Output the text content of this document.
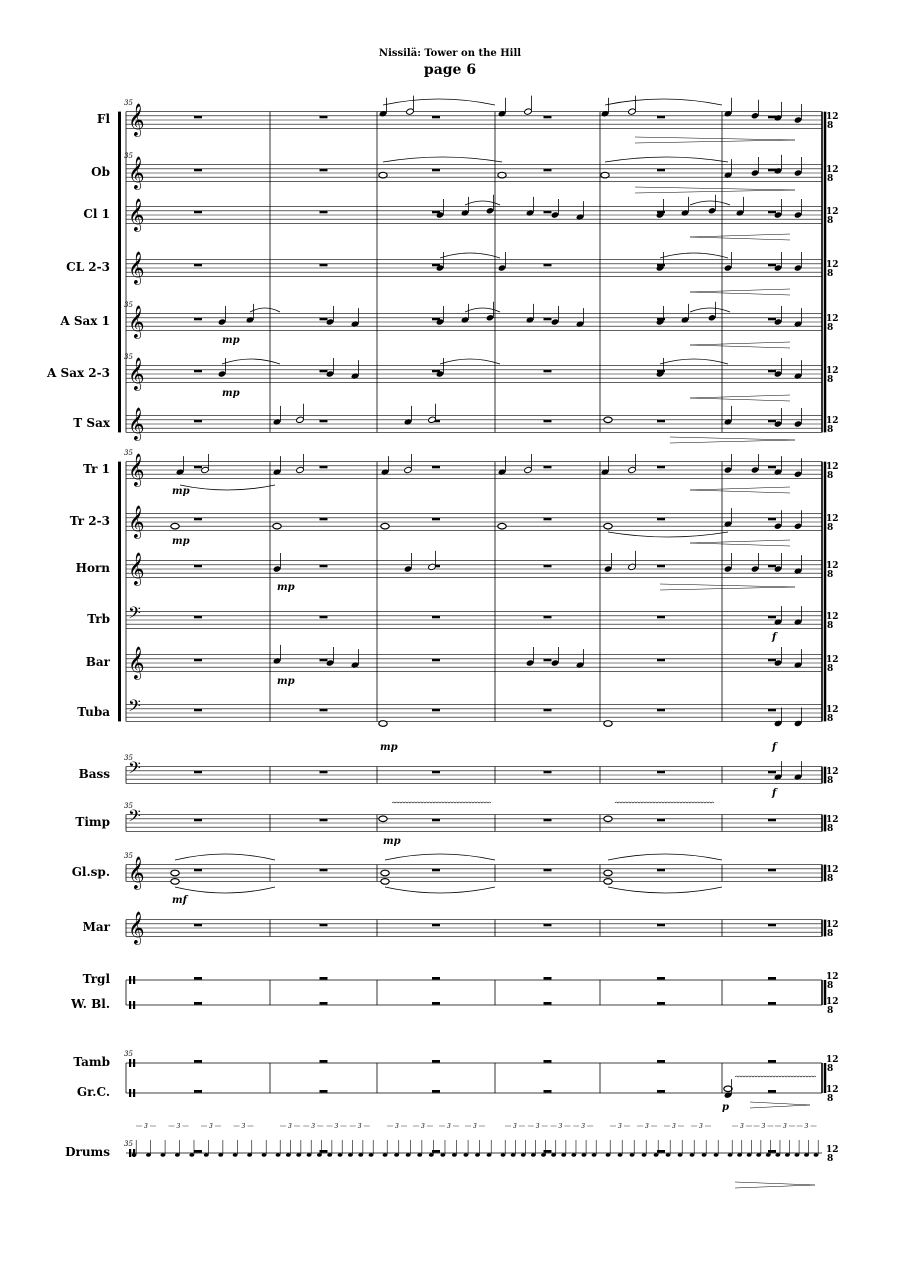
Nissilä: Tower on the Hill
page 6
Fl
Ob
Cl 1
CL 2-3
A Sax 1
A Sax 2-3
T Sax
Tr 1
Tr 2-3
Horn
Trb
Bar
Tuba
Bass
Timp
Gl.sp.
Mar
Trgl
W. Bl.
Tamb
Gr.C.
Drums
𝄞	12
8
𝄞	12
8
𝄞	12
8
𝄞	12
8
𝄞	12
8
𝄞	12
8
𝄞	12
8
𝄞	12
8
𝄞	12
8
𝄞	12
8
𝄢	12
8
𝄞	12
8
𝄢	12
8
𝄢	12
8
𝄢	12
8
𝄞	12
8
𝄞	12
8
12
8
12
8
12
8
12
8
12
8
3	3	3	3	3	3	3	3	3	3	3	3	3	3	3	3	3	3	3	3	3	3	3	3
35
35
35
35
35
35
35
35
35
35
mp
mp
mp
mp
mp
f
mp
mp	f
f
mp
mf
p
